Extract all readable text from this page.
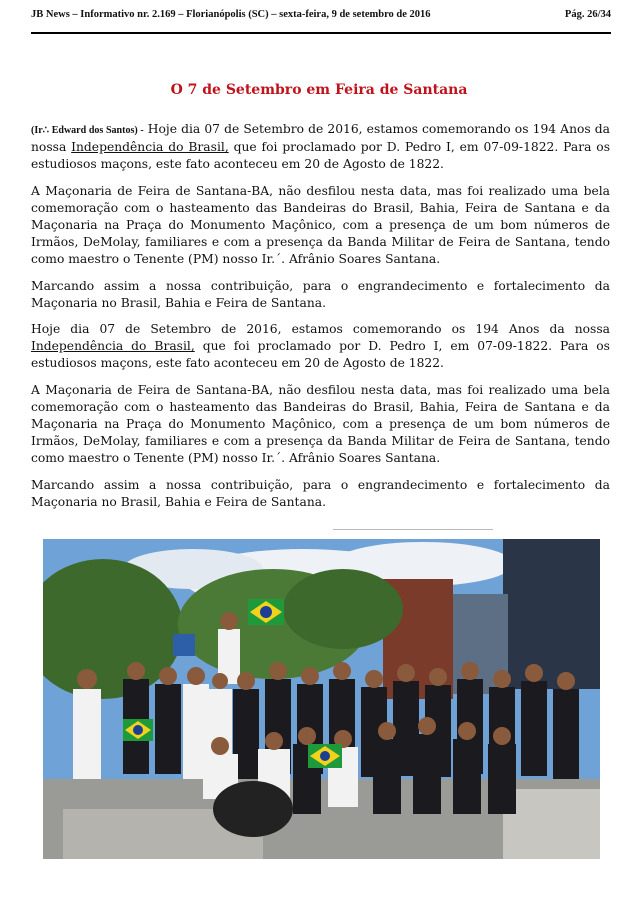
JB News – Informativo nr. 2.169 – Florianópolis (SC) – sexta-feira, 9 de setembro de 2016	Pág. 26/34
O 7 de Setembro em Feira de Santana

(Ir∴ Edward dos Santos) - Hoje dia 07 de Setembro de 2016, estamos comemorando os 194 Anos da nossa Independência do Brasil, que foi proclamado por D. Pedro I, em 07-09-1822. Para os estudiosos maçons, este fato aconteceu em 20 de Agosto de 1822.

A Maçonaria de Feira de Santana-BA, não desfilou nesta data, mas foi realizado uma bela comemoração com o hasteamento das Bandeiras do Brasil, Bahia, Feira de Santana e da Maçonaria na Praça do Monumento Maçônico, com a presença de um bom números de Irmãos, DeMolay, familiares e com a presença da Banda Militar de Feira de Santana, tendo como maestro o Tenente (PM) nosso Ir.´. Afrânio Soares Santana.

Marcando assim a nossa contribuição, para o engrandecimento e fortalecimento da Maçonaria no Brasil, Bahia e Feira de Santana.

Hoje dia 07 de Setembro de 2016, estamos comemorando os 194 Anos da nossa Independência do Brasil, que foi proclamado por D. Pedro I, em 07-09-1822. Para os estudiosos maçons, este fato aconteceu em 20 de Agosto de 1822.

A Maçonaria de Feira de Santana-BA, não desfilou nesta data, mas foi realizado uma bela comemoração com o hasteamento das Bandeiras do Brasil, Bahia, Feira de Santana e da Maçonaria na Praça do Monumento Maçônico, com a presença de um bom números de Irmãos, DeMolay, familiares e com a presença da Banda Militar de Feira de Santana, tendo como maestro o Tenente (PM) nosso Ir.´. Afrânio Soares Santana.

Marcando assim a nossa contribuição, para o engrandecimento e fortalecimento da Maçonaria no Brasil, Bahia e Feira de Santana.
